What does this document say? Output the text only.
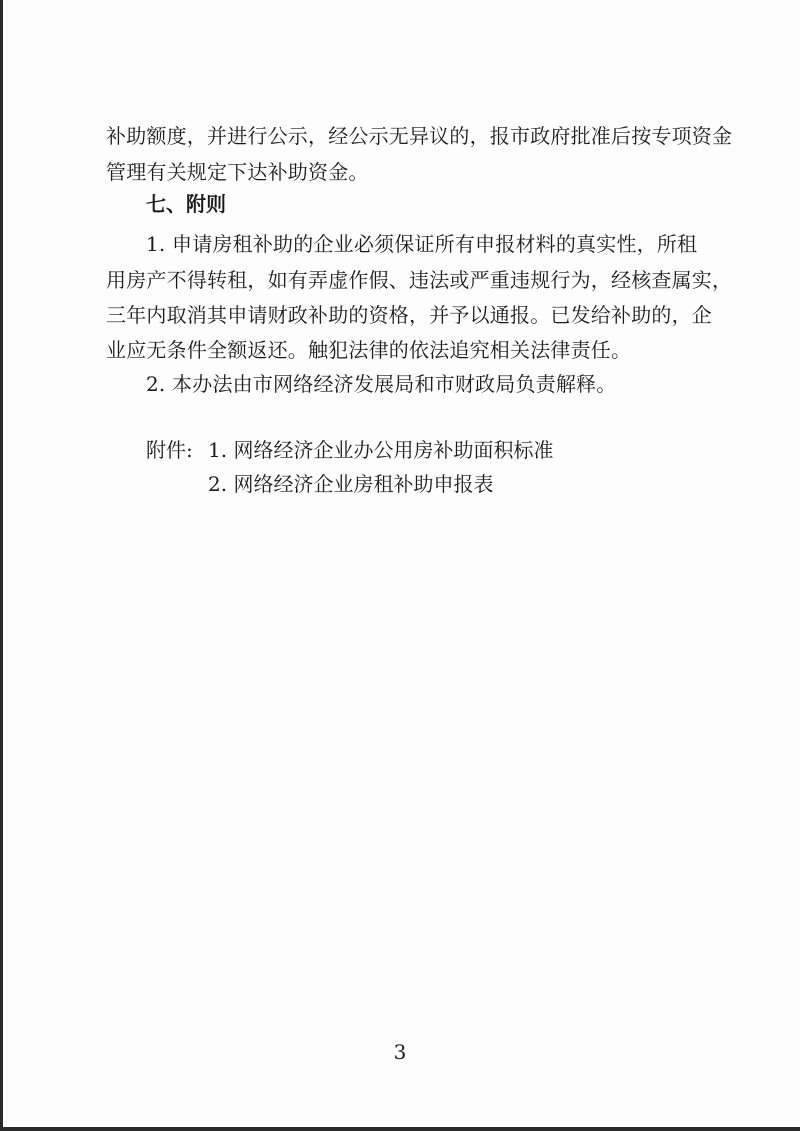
补助额度，并进行公示，经公示无异议的，报市政府批准后按专项资金
管理有关规定下达补助资金。
七、附则
1. 申请房租补助的企业必须保证所有申报材料的真实性，所租
用房产不得转租，如有弄虚作假、违法或严重违规行为，经核查属实，
三年内取消其申请财政补助的资格，并予以通报。已发给补助的，企
业应无条件全额返还。触犯法律的依法追究相关法律责任。
2. 本办法由市网络经济发展局和市财政局负责解释。
附件: 1. 网络经济企业办公用房补助面积标准
2. 网络经济企业房租补助申报表
3
